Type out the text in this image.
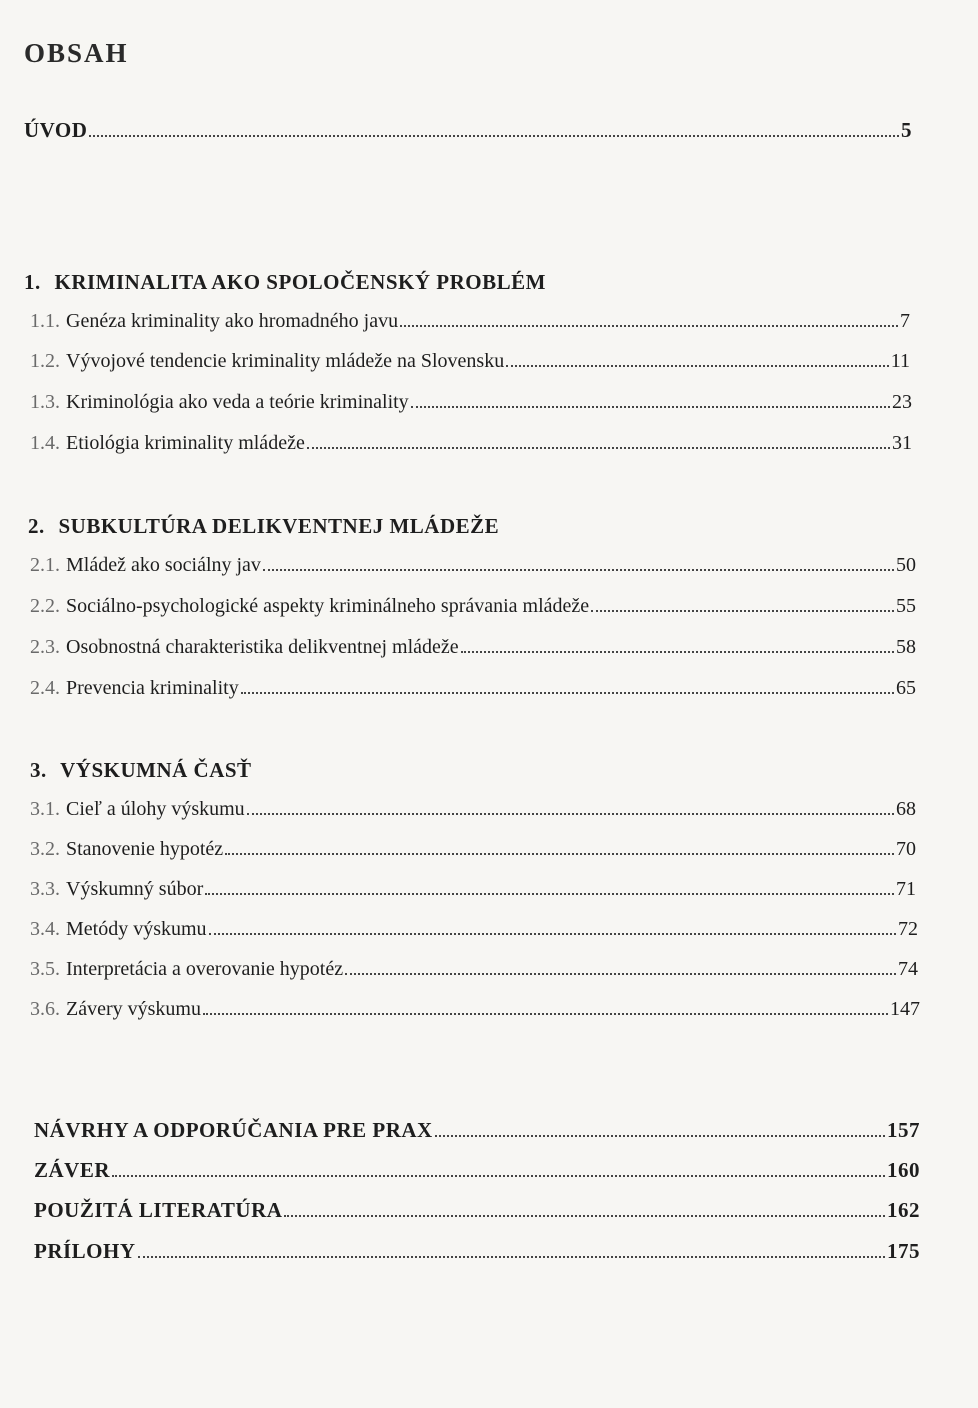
OBSAH
ÚVOD	5
1. KRIMINALITA AKO SPOLOČENSKÝ PROBLÉM
1.1. Genéza kriminality ako hromadného javu	7
1.2. Vývojové tendencie kriminality mládeže na Slovensku	11
1.3. Kriminológia ako veda a teórie kriminality	23
1.4. Etiológia kriminality mládeže	31
2. SUBKULTÚRA DELIKVENTNEJ MLÁDEŽE
2.1. Mládež ako sociálny jav	50
2.2. Sociálno-psychologické aspekty kriminálneho správania mládeže	55
2.3. Osobnostná charakteristika delikventnej mládeže	58
2.4. Prevencia kriminality	65
3. VÝSKUMNÁ ČASŤ
3.1. Cieľ a úlohy výskumu	68
3.2. Stanovenie hypotéz	70
3.3. Výskumný súbor	71
3.4. Metódy výskumu	72
3.5. Interpretácia a overovanie hypotéz	74
3.6. Závery výskumu	147
NÁVRHY A ODPORÚČANIA PRE PRAX	157
ZÁVER	160
POUŽITÁ LITERATÚRA	162
PRÍLOHY	175
